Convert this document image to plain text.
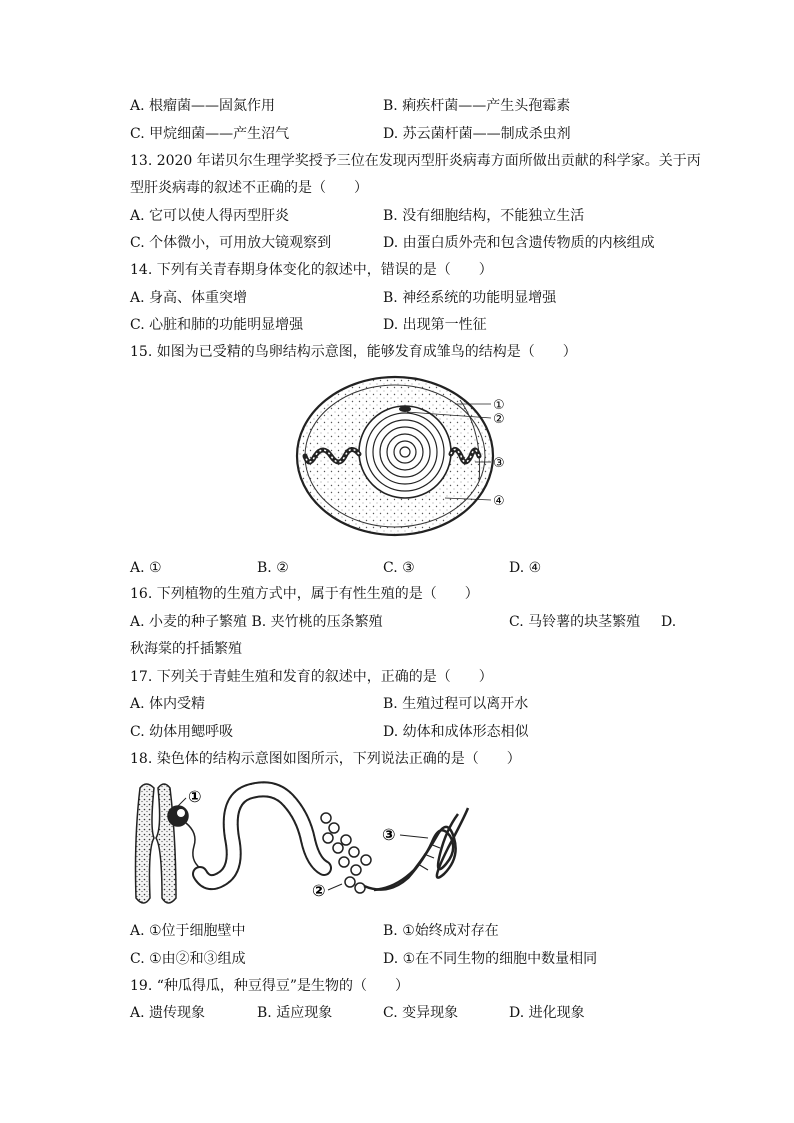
A. 根瘤菌——固氮作用	B. 痢疾杆菌——产生头孢霉素
C. 甲烷细菌——产生沼气	D. 苏云菌杆菌——制成杀虫剂
13. 2020 年诺贝尔生理学奖授予三位在发现丙型肝炎病毒方面所做出贡献的科学家。关于丙
型肝炎病毒的叙述不正确的是（　　）
A. 它可以使人得丙型肝炎	B. 没有细胞结构，不能独立生活
C. 个体微小，可用放大镜观察到	D. 由蛋白质外壳和包含遗传物质的内核组成
14. 下列有关青春期身体变化的叙述中，错误的是（　　）
A. 身高、体重突增	B. 神经系统的功能明显增强
C. 心脏和肺的功能明显增强	D. 出现第一性征
15. 如图为已受精的鸟卵结构示意图，能够发育成雏鸟的结构是（　　）
①
②
③
④
A. ①	B. ②	C. ③	D. ④
16. 下列植物的生殖方式中，属于有性生殖的是（　　）
A. 小麦的种子繁殖 B. 夹竹桃的压条繁殖	C. 马铃薯的块茎繁殖 D.
秋海棠的扦插繁殖
17. 下列关于青蛙生殖和发育的叙述中，正确的是（　　）
A. 体内受精	B. 生殖过程可以离开水
C. 幼体用鳃呼吸	D. 幼体和成体形态相似
18. 染色体的结构示意图如图所示，下列说法正确的是（　　）
①
②
③
A. ①位于细胞壁中	B. ①始终成对存在
C. ①由②和③组成	D. ①在不同生物的细胞中数量相同
19. “种瓜得瓜，种豆得豆”是生物的（　　）
A. 遗传现象	B. 适应现象	C. 变异现象	D. 进化现象
